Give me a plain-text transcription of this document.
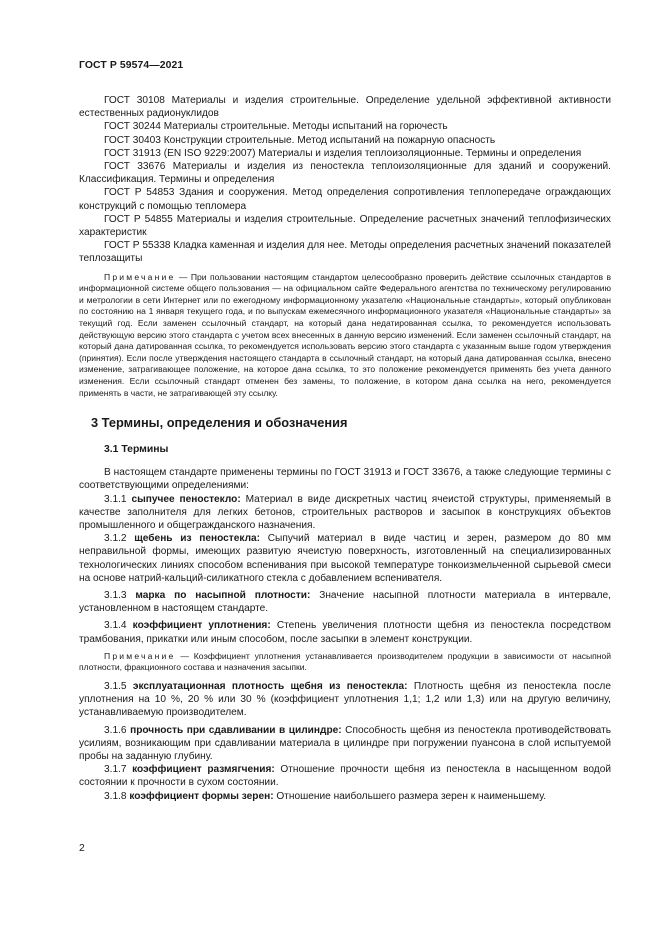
ГОСТ Р 59574—2021

ГОСТ 30108 Материалы и изделия строительные. Определение удельной эффективной активности естественных радионуклидов

ГОСТ 30244 Материалы строительные. Методы испытаний на горючесть

ГОСТ 30403 Конструкции строительные. Метод испытаний на пожарную опасность

ГОСТ 31913 (EN ISO 9229:2007) Материалы и изделия теплоизоляционные. Термины и определения

ГОСТ 33676 Материалы и изделия из пеностекла теплоизоляционные для зданий и сооружений. Классификация. Термины и определения

ГОСТ Р 54853 Здания и сооружения. Метод определения сопротивления теплопередаче ограждающих конструкций с помощью тепломера

ГОСТ Р 54855 Материалы и изделия строительные. Определение расчетных значений теплофизических характеристик

ГОСТ Р 55338 Кладка каменная и изделия для нее. Методы определения расчетных значений показателей теплозащиты

Примечание — При пользовании настоящим стандартом целесообразно проверить действие ссылочных стандартов в информационной системе общего пользования — на официальном сайте Федерального агентства по техническому регулированию и метрологии в сети Интернет или по ежегодному информационному указателю «Национальные стандарты», который опубликован по состоянию на 1 января текущего года, и по выпускам ежемесячного информационного указателя «Национальные стандарты» за текущий год. Если заменен ссылочный стандарт, на который дана недатированная ссылка, то рекомендуется использовать действующую версию этого стандарта с учетом всех внесенных в данную версию изменений. Если заменен ссылочный стандарт, на который дана датированная ссылка, то рекомендуется использовать версию этого стандарта с указанным выше годом утверждения (принятия). Если после утверждения настоящего стандарта в ссылочный стандарт, на который дана датированная ссылка, внесено изменение, затрагивающее положение, на которое дана ссылка, то это положение рекомендуется применять без учета данного изменения. Если ссылочный стандарт отменен без замены, то положение, в котором дана ссылка на него, рекомендуется применять в части, не затрагивающей эту ссылку.

3 Термины, определения и обозначения
3.1 Термины

В настоящем стандарте применены термины по ГОСТ 31913 и ГОСТ 33676, а также следующие термины с соответствующими определениями:

3.1.1 сыпучее пеностекло: Материал в виде дискретных частиц ячеистой структуры, применяемый в качестве заполнителя для легких бетонов, строительных растворов и засыпок в конструкциях объектов промышленного и общегражданского назначения.

3.1.2 щебень из пеностекла: Сыпучий материал в виде частиц и зерен, размером до 80 мм неправильной формы, имеющих развитую ячеистую поверхность, изготовленный на специализированных технологических линиях способом вспенивания при высокой температуре тонкоизмельченной сырьевой смеси на основе натрий-кальций-силикатного стекла с добавлением вспенивателя.

3.1.3 марка по насыпной плотности: Значение насыпной плотности материала в интервале, установленном в настоящем стандарте.

3.1.4 коэффициент уплотнения: Степень увеличения плотности щебня из пеностекла посредством трамбования, прикатки или иным способом, после засыпки в элемент конструкции.

Примечание — Коэффициент уплотнения устанавливается производителем продукции в зависимости от насыпной плотности, фракционного состава и назначения засыпки.

3.1.5 эксплуатационная плотность щебня из пеностекла: Плотность щебня из пеностекла после уплотнения на 10 %, 20 % или 30 % (коэффициент уплотнения 1,1; 1,2 или 1,3) или на другую величину, устанавливаемую производителем.

3.1.6 прочность при сдавливании в цилиндре: Способность щебня из пеностекла противодействовать усилиям, возникающим при сдавливании материала в цилиндре при погружении пуансона в слой испытуемой пробы на заданную глубину.

3.1.7 коэффициент размягчения: Отношение прочности щебня из пеностекла в насыщенном водой состоянии к прочности в сухом состоянии.

3.1.8 коэффициент формы зерен: Отношение наибольшего размера зерен к наименьшему.

2
